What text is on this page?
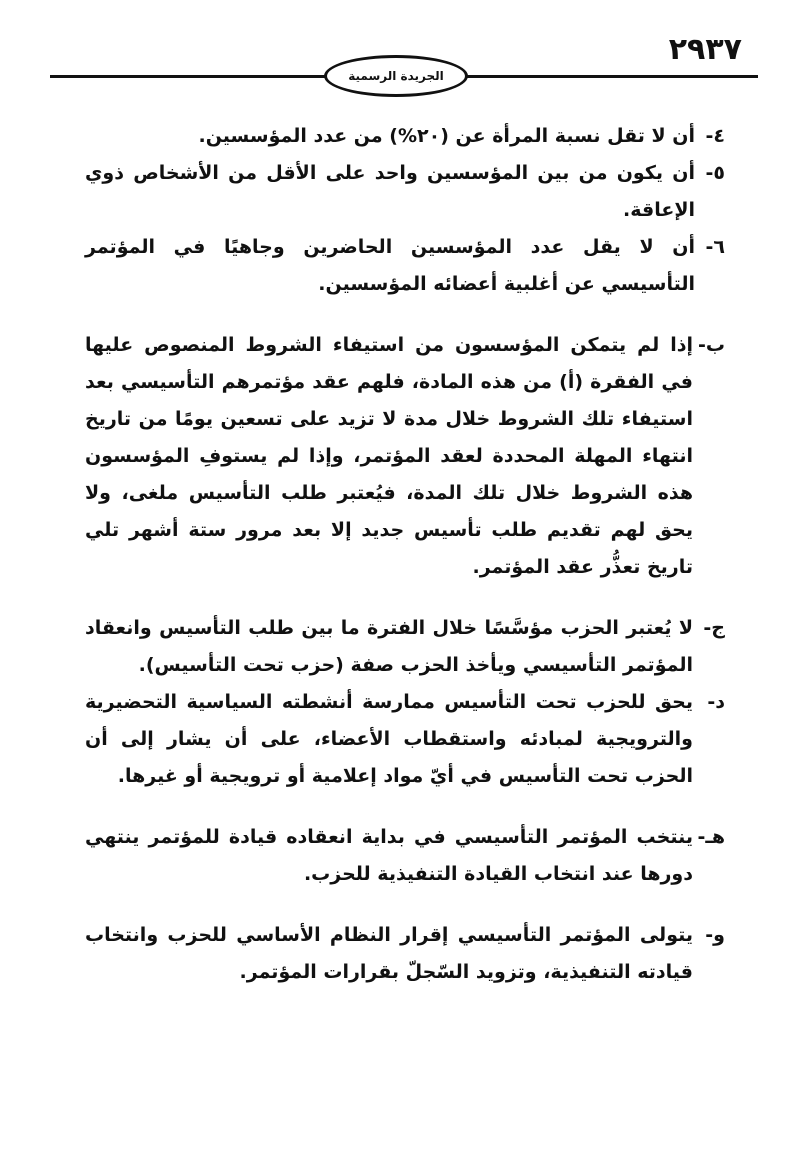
٢٩٣٧
الجريدة الرسمية
٤-
أن لا تقل نسبة المرأة عن (٢٠%) من عدد المؤسسين.
٥-
أن يكون من بين المؤسسين واحد على الأقل من الأشخاص ذوي الإعاقة.
٦-
أن لا يقل عدد المؤسسين الحاضرين وجاهيًا في المؤتمر التأسيسي عن أغلبية أعضائه المؤسسين.
ب-
إذا لم يتمكن المؤسسون من استيفاء الشروط المنصوص عليها في الفقرة (أ) من هذه المادة، فلهم عقد مؤتمرهم التأسيسي بعد استيفاء تلك الشروط خلال مدة لا تزيد على تسعين يومًا من تاريخ انتهاء المهلة المحددة لعقد المؤتمر، وإذا لم يستوفِ المؤسسون هذه الشروط خلال تلك المدة، فيُعتبر طلب التأسيس ملغى، ولا يحق لهم تقديم طلب تأسيس جديد إلا بعد مرور ستة أشهر تلي تاريخ تعذُّر عقد المؤتمر.
ج-
لا يُعتبر الحزب مؤسَّسًا خلال الفترة ما بين طلب التأسيس وانعقاد المؤتمر التأسيسي ويأخذ الحزب صفة (حزب تحت التأسيس).
د-
يحق للحزب تحت التأسيس ممارسة أنشطته السياسية التحضيرية والترويجية لمبادئه واستقطاب الأعضاء، على أن يشار إلى أن الحزب تحت التأسيس في أيّ مواد إعلامية أو ترويجية أو غيرها.
هـ-
ينتخب المؤتمر التأسيسي في بداية انعقاده قيادة للمؤتمر ينتهي دورها عند انتخاب القيادة التنفيذية للحزب.
و-
يتولى المؤتمر التأسيسي إقرار النظام الأساسي للحزب وانتخاب قيادته التنفيذية، وتزويد السّجلّ بقرارات المؤتمر.
